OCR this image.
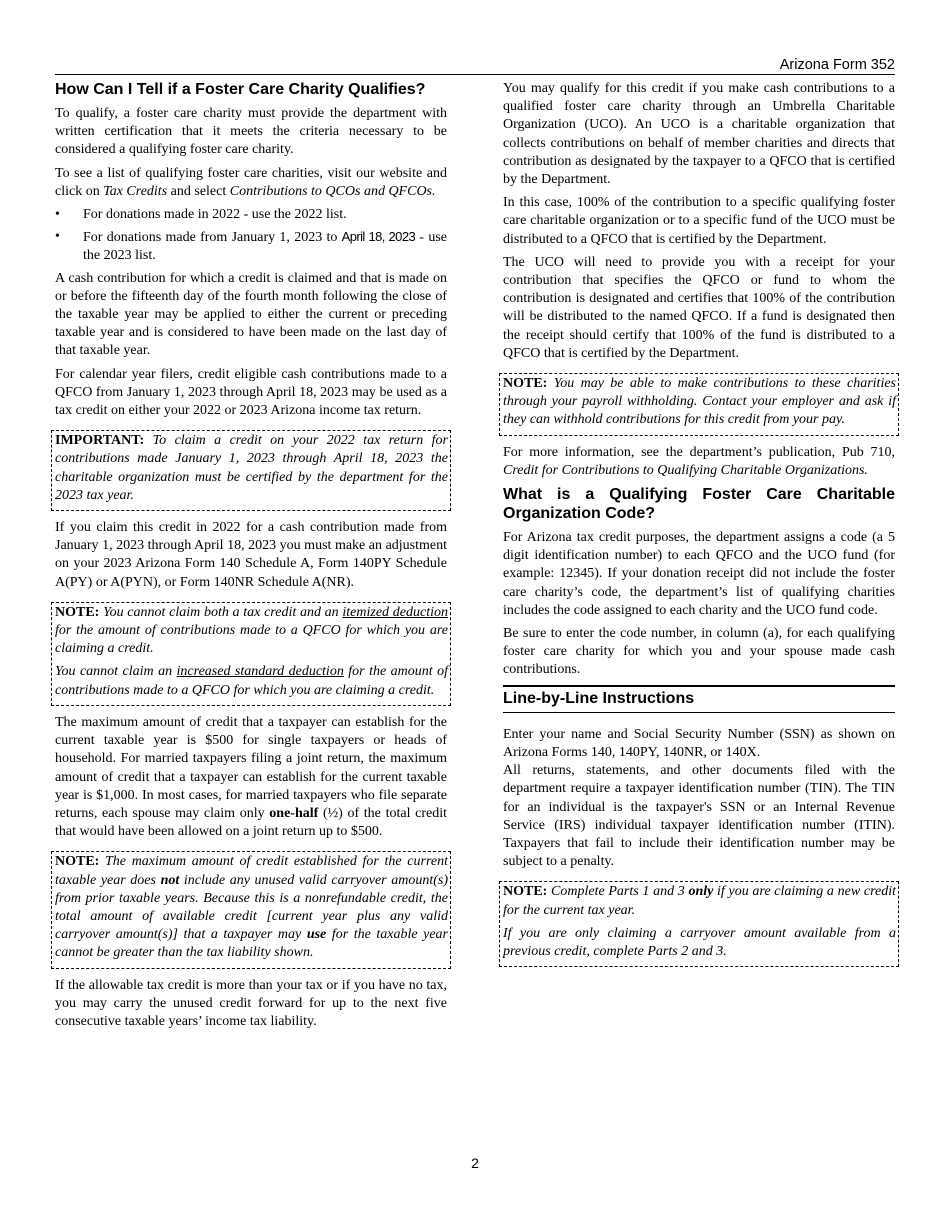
Arizona Form 352
How Can I Tell if a Foster Care Charity Qualifies?

To qualify, a foster care charity must provide the department with written certification that it meets the criteria necessary to be considered a qualifying foster care charity.

To see a list of qualifying foster care charities, visit our website and click on Tax Credits and select Contributions to QCOs and QFCOs.

• For donations made in 2022 - use the 2022 list.
• For donations made from January 1, 2023 to April 18, 2023 - use the 2023 list.

A cash contribution for which a credit is claimed and that is made on or before the fifteenth day of the fourth month following the close of the taxable year may be applied to either the current or preceding taxable year and is considered to have been made on the last day of that taxable year.

For calendar year filers, credit eligible cash contributions made to a QFCO from January 1, 2023 through April 18, 2023 may be used as a tax credit on either your 2022 or 2023 Arizona income tax return.

IMPORTANT: To claim a credit on your 2022 tax return for contributions made January 1, 2023 through April 18, 2023 the charitable organization must be certified by the department for the 2023 tax year.

If you claim this credit in 2022 for a cash contribution made from January 1, 2023 through April 18, 2023 you must make an adjustment on your 2023 Arizona Form 140 Schedule A, Form 140PY Schedule A(PY) or A(PYN), or Form 140NR Schedule A(NR).

NOTE: You cannot claim both a tax credit and an itemized deduction for the amount of contributions made to a QFCO for which you are claiming a credit.

You cannot claim an increased standard deduction for the amount of contributions made to a QFCO for which you are claiming a credit.

The maximum amount of credit that a taxpayer can establish for the current taxable year is $500 for single taxpayers or heads of household. For married taxpayers filing a joint return, the maximum amount of credit that a taxpayer can establish for the current taxable year is $1,000. In most cases, for married taxpayers who file separate returns, each spouse may claim only one-half (½) of the total credit that would have been allowed on a joint return up to $500.

NOTE: The maximum amount of credit established for the current taxable year does not include any unused valid carryover amount(s) from prior taxable years. Because this is a nonrefundable credit, the total amount of available credit [current year plus any valid carryover amount(s)] that a taxpayer may use for the taxable year cannot be greater than the tax liability shown.

If the allowable tax credit is more than your tax or if you have no tax, you may carry the unused credit forward for up to the next five consecutive taxable years’ income tax liability.

You may qualify for this credit if you make cash contributions to a qualified foster care charity through an Umbrella Charitable Organization (UCO). An UCO is a charitable organization that collects contributions on behalf of member charities and directs that contribution as designated by the taxpayer to a QFCO that is certified by the Department.

In this case, 100% of the contribution to a specific qualifying foster care charitable organization or to a specific fund of the UCO must be distributed to a QFCO that is certified by the Department.

The UCO will need to provide you with a receipt for your contribution that specifies the QFCO or fund to whom the contribution is designated and certifies that 100% of the contribution will be distributed to the named QFCO. If a fund is designated then the receipt should certify that 100% of the fund is distributed to a QFCO that is certified by the Department.

NOTE: You may be able to make contributions to these charities through your payroll withholding. Contact your employer and ask if they can withhold contributions for this credit from your pay.

For more information, see the department’s publication, Pub 710, Credit for Contributions to Qualifying Charitable Organizations.

What is a Qualifying Foster Care Charitable Organization Code?

For Arizona tax credit purposes, the department assigns a code (a 5 digit identification number) to each QFCO and the UCO fund (for example: 12345). If your donation receipt did not include the foster care charity’s code, the department’s list of qualifying charities includes the code assigned to each charity and the UCO fund code.

Be sure to enter the code number, in column (a), for each qualifying foster care charity for which you and your spouse made cash contributions.

Line-by-Line Instructions

Enter your name and Social Security Number (SSN) as shown on Arizona Forms 140, 140PY, 140NR, or 140X.

All returns, statements, and other documents filed with the department require a taxpayer identification number (TIN). The TIN for an individual is the taxpayer's SSN or an Internal Revenue Service (IRS) individual taxpayer identification number (ITIN). Taxpayers that fail to include their identification number may be subject to a penalty.

NOTE: Complete Parts 1 and 3 only if you are claiming a new credit for the current tax year.

If you are only claiming a carryover amount available from a previous credit, complete Parts 2 and 3.

2
